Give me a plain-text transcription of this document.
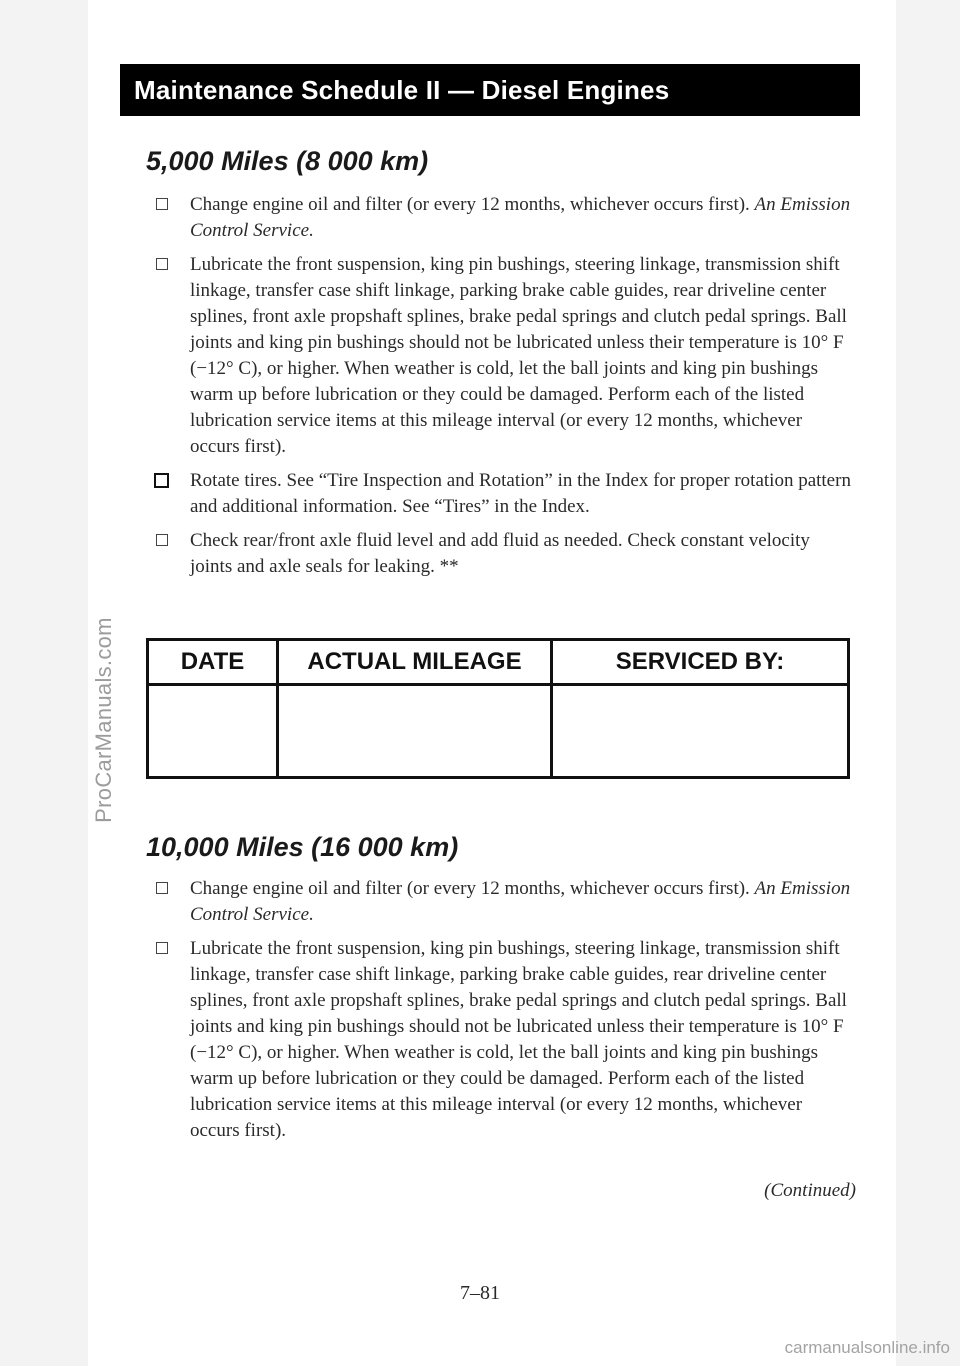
ProCarManuals.com
Maintenance Schedule II — Diesel Engines
5,000 Miles (8 000 km)
Change engine oil and filter (or every 12 months, whichever occurs first). An Emission Control Service.
Lubricate the front suspension, king pin bushings, steering linkage, transmission shift linkage, transfer case shift linkage, parking brake cable guides, rear driveline center splines, front axle propshaft splines, brake pedal springs and clutch pedal springs. Ball joints and king pin bushings should not be lubricated unless their temperature is 10° F (−12° C), or higher. When weather is cold, let the ball joints and king pin bushings warm up before lubrication or they could be damaged. Perform each of the listed lubrication service items at this mileage interval (or every 12 months, whichever occurs first).
Rotate tires. See “Tire Inspection and Rotation” in the Index for proper rotation pattern and additional information. See “Tires” in the Index.
Check rear/front axle fluid level and add fluid as needed. Check constant velocity joints and axle seals for leaking. **
DATE	ACTUAL MILEAGE	SERVICED BY:

10,000 Miles (16 000 km)
Change engine oil and filter (or every 12 months, whichever occurs first). An Emission Control Service.
Lubricate the front suspension, king pin bushings, steering linkage, transmission shift linkage, transfer case shift linkage, parking brake cable guides, rear driveline center splines, front axle propshaft splines, brake pedal springs and clutch pedal springs. Ball joints and king pin bushings should not be lubricated unless their temperature is 10° F (−12° C), or higher. When weather is cold, let the ball joints and king pin bushings warm up before lubrication or they could be damaged. Perform each of the listed lubrication service items at this mileage interval (or every 12 months, whichever occurs first).
(Continued)
7–81
carmanualsonline.info
